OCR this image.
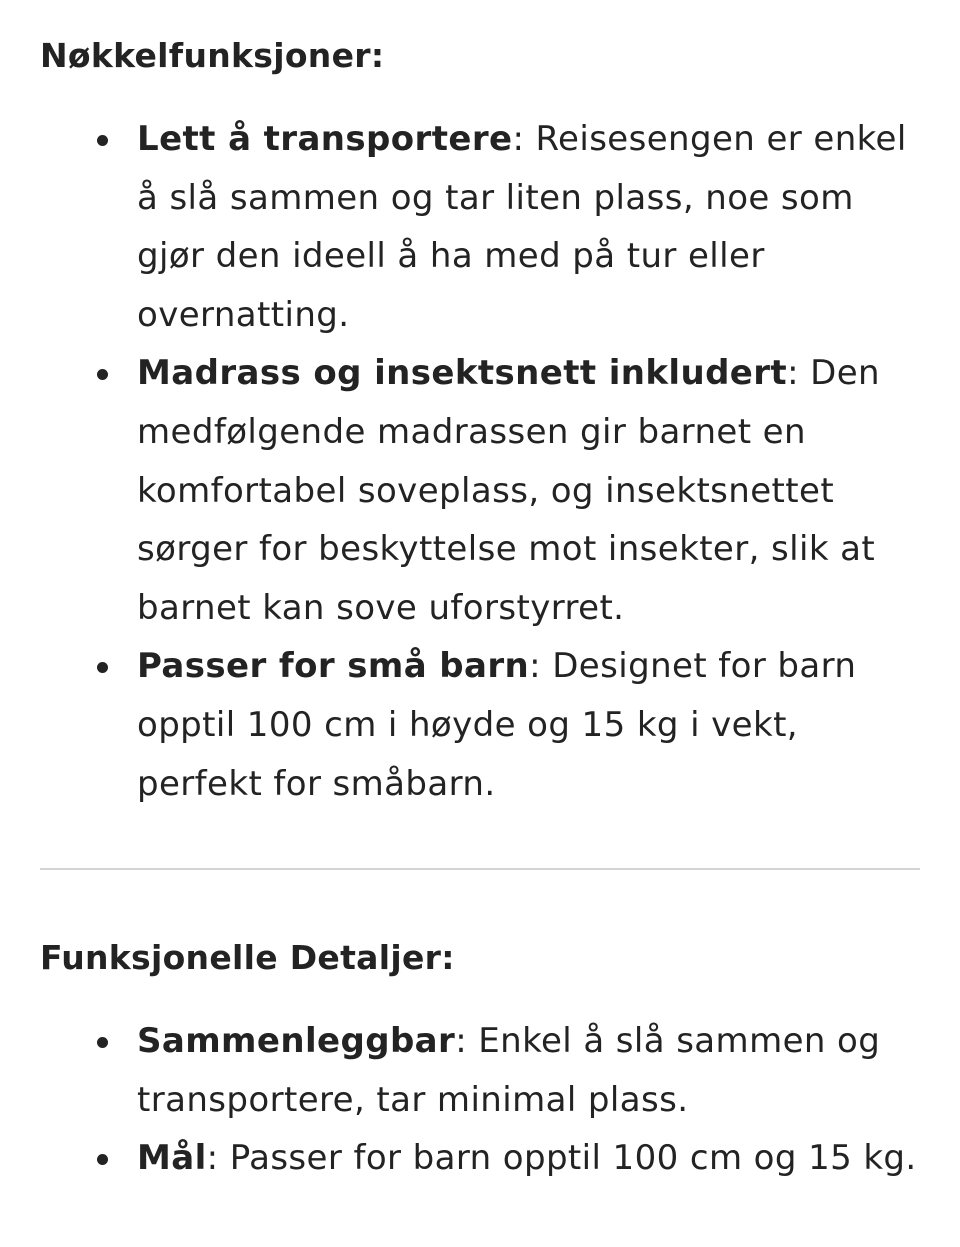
Nøkkelfunksjoner:
Lett å transportere: Reisesengen er enkel å slå sammen og tar liten plass, noe som gjør den ideell å ha med på tur eller overnatting.
Madrass og insektsnett inkludert: Den medfølgende madrassen gir barnet en komfortabel soveplass, og insektsnettet sørger for beskyttelse mot insekter, slik at barnet kan sove uforstyrret.
Passer for små barn: Designet for barn opptil 100 cm i høyde og 15 kg i vekt, perfekt for småbarn.
Funksjonelle Detaljer:
Sammenleggbar: Enkel å slå sammen og transportere, tar minimal plass.
Mål: Passer for barn opptil 100 cm og 15 kg.
